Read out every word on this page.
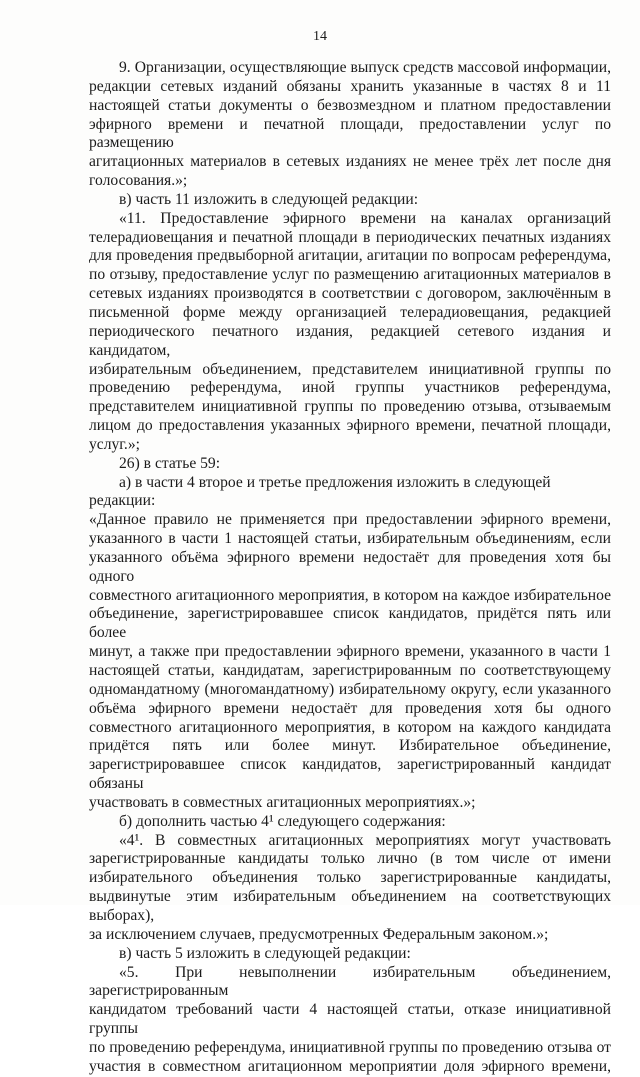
14

9. Организации, осуществляющие выпуск средств массовой информации,

редакции сетевых изданий обязаны хранить указанные в частях 8 и 11

настоящей статьи документы о безвозмездном и платном предоставлении

эфирного времени и печатной площади, предоставлении услуг по размещению

агитационных материалов в сетевых изданиях не менее трёх лет после дня

голосования.»;

в) часть 11 изложить в следующей редакции:

«11. Предоставление эфирного времени на каналах организаций

телерадиовещания и печатной площади в периодических печатных изданиях

для проведения предвыборной агитации, агитации по вопросам референдума,

по отзыву, предоставление услуг по размещению агитационных материалов в

сетевых изданиях производятся в соответствии с договором, заключённым в

письменной форме между организацией телерадиовещания, редакцией

периодического печатного издания, редакцией сетевого издания и кандидатом,

избирательным объединением, представителем инициативной группы по

проведению референдума, иной группы участников референдума,

представителем инициативной группы по проведению отзыва, отзываемым

лицом до предоставления указанных эфирного времени, печатной площади,

услуг.»;

26) в статье 59:

а) в части 4 второе и третье предложения изложить в следующей редакции:

«Данное правило не применяется при предоставлении эфирного времени,

указанного в части 1 настоящей статьи, избирательным объединениям, если

указанного объёма эфирного времени недостаёт для проведения хотя бы одного

совместного агитационного мероприятия, в котором на каждое избирательное

объединение, зарегистрировавшее список кандидатов, придётся пять или более

минут, а также при предоставлении эфирного времени, указанного в части 1

настоящей статьи, кандидатам, зарегистрированным по соответствующему

одномандатному (многомандатному) избирательному округу, если указанного

объёма эфирного времени недостаёт для проведения хотя бы одного

совместного агитационного мероприятия, в котором на каждого кандидата

придётся пять или более минут. Избирательное объединение,

зарегистрировавшее список кандидатов, зарегистрированный кандидат обязаны

участвовать в совместных агитационных мероприятиях.»;

б) дополнить частью 4¹ следующего содержания:

«4¹. В совместных агитационных мероприятиях могут участвовать

зарегистрированные кандидаты только лично (в том числе от имени

избирательного объединения только зарегистрированные кандидаты,

выдвинутые этим избирательным объединением на соответствующих выборах),

за исключением случаев, предусмотренных Федеральным законом.»;

в) часть 5 изложить в следующей редакции:

«5. При невыполнении избирательным объединением, зарегистрированным

кандидатом требований части 4 настоящей статьи, отказе инициативной группы

по проведению референдума, инициативной группы по проведению отзыва от

участия в совместном агитационном мероприятии доля эфирного времени,
